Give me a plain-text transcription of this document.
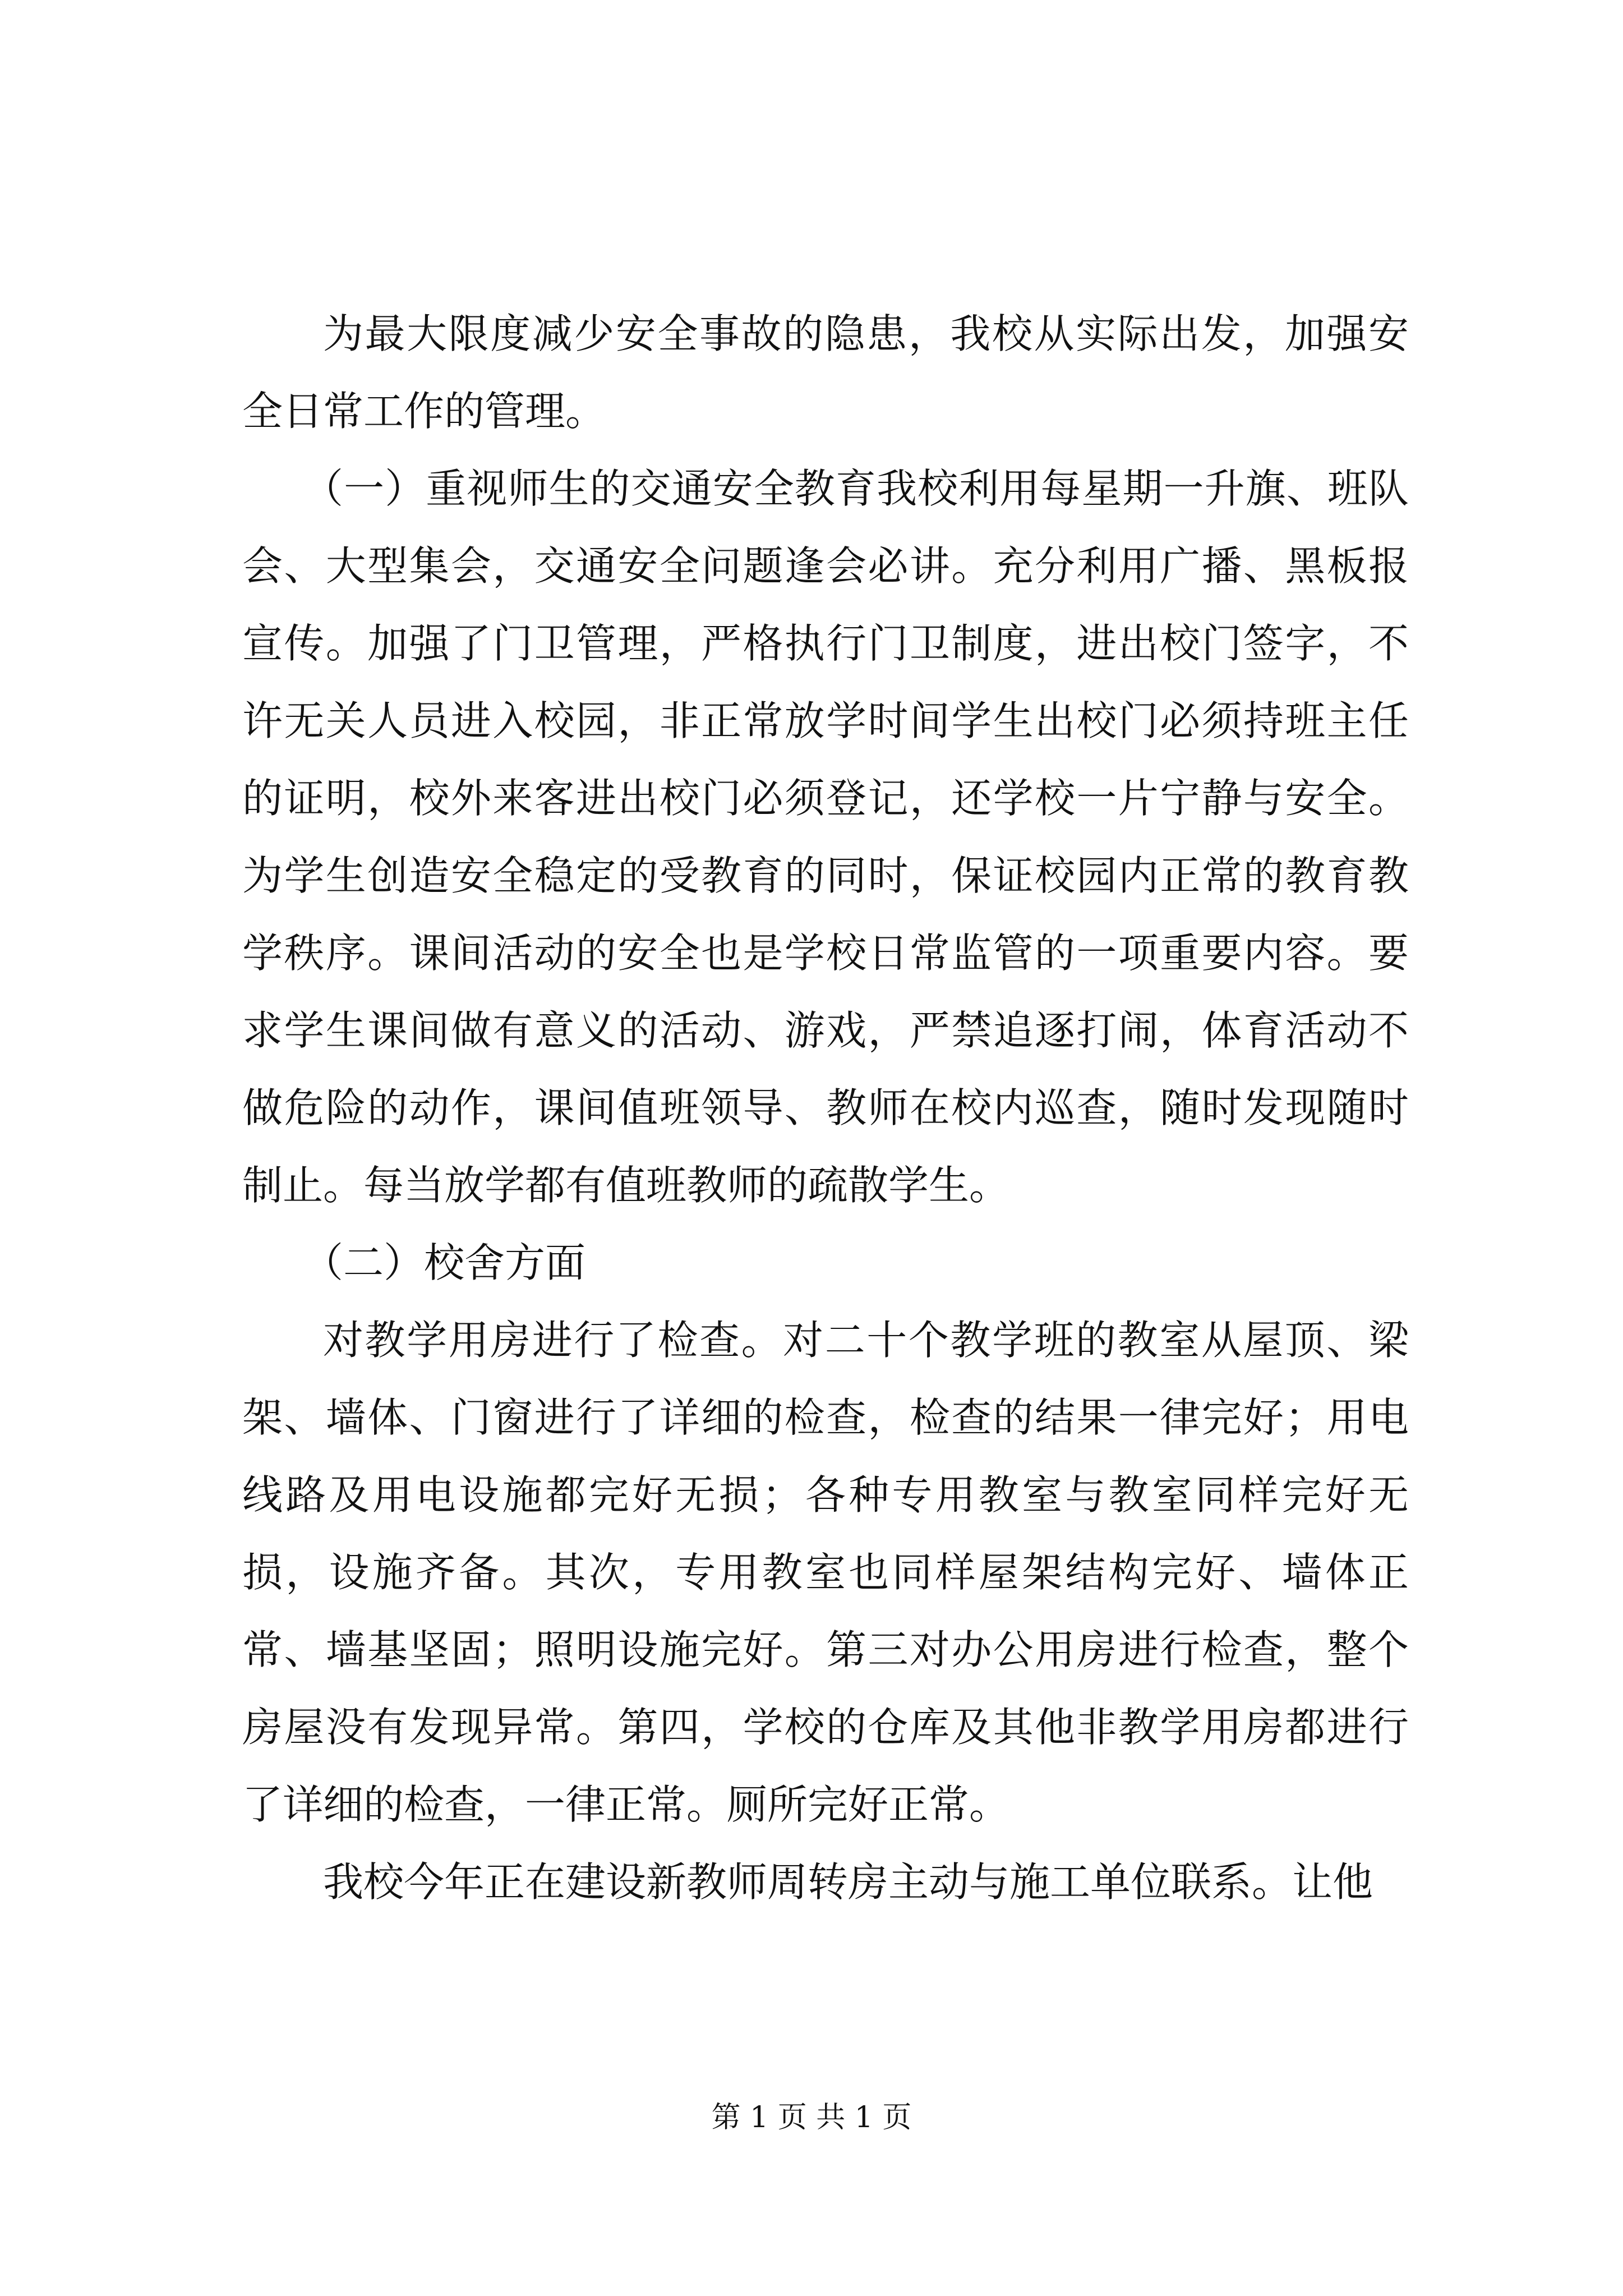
为最大限度减少安全事故的隐患，我校从实际出发，加强安全日常工作的管理。

（一）重视师生的交通安全教育我校利用每星期一升旗、班队会、大型集会，交通安全问题逢会必讲。充分利用广播、黑板报宣传。加强了门卫管理，严格执行门卫制度，进出校门签字，不许无关人员进入校园，非正常放学时间学生出校门必须持班主任的证明，校外来客进出校门必须登记，还学校一片宁静与安全。为学生创造安全稳定的受教育的同时，保证校园内正常的教育教学秩序。课间活动的安全也是学校日常监管的一项重要内容。要求学生课间做有意义的活动、游戏，严禁追逐打闹，体育活动不做危险的动作，课间值班领导、教师在校内巡查，随时发现随时制止。每当放学都有值班教师的疏散学生。

（二）校舍方面

对教学用房进行了检查。对二十个教学班的教室从屋顶、梁架、墙体、门窗进行了详细的检查，检查的结果一律完好；用电线路及用电设施都完好无损；各种专用教室与教室同样完好无损，设施齐备。其次，专用教室也同样屋架结构完好、墙体正常、墙基坚固；照明设施完好。第三对办公用房进行检查，整个房屋没有发现异常。第四，学校的仓库及其他非教学用房都进行了详细的检查，一律正常。厕所完好正常。

我校今年正在建设新教师周转房主动与施工单位联系。让他

第 1 页 共 1 页
